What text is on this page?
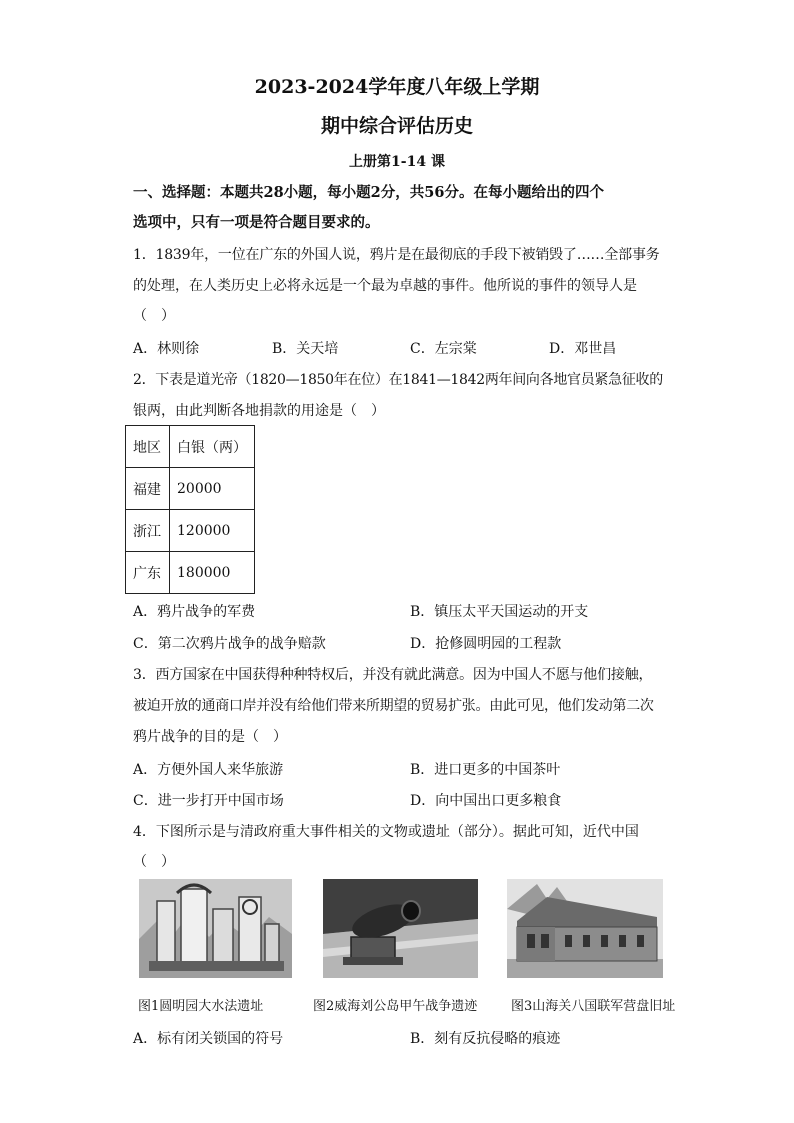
2023-2024学年度八年级上学期
期中综合评估历史
上册第1-14 课
一、选择题：本题共28小题，每小题2分，共56分。在每小题给出的四个
选项中，只有一项是符合题目要求的。
1．1839年，一位在广东的外国人说，鸦片是在最彻底的手段下被销毁了……全部事务
的处理，在人类历史上必将永远是一个最为卓越的事件。他所说的事件的领导人是
（　）
A．林则徐	B．关天培	C．左宗棠	D．邓世昌
2．下表是道光帝（1820—1850年在位）在1841—1842两年间向各地官员紧急征收的
银两，由此判断各地捐款的用途是（　）
地区	白银（两）
福建	20000
浙江	120000
广东	180000
A．鸦片战争的军费	B．镇压太平天国运动的开支
C．第二次鸦片战争的战争赔款	D．抢修圆明园的工程款
3．西方国家在中国获得种种特权后，并没有就此满意。因为中国人不愿与他们接触，
被迫开放的通商口岸并没有给他们带来所期望的贸易扩张。由此可见，他们发动第二次
鸦片战争的目的是（　）
A．方便外国人来华旅游	B．进口更多的中国茶叶
C．进一步打开中国市场	D．向中国出口更多粮食
4．下图所示是与清政府重大事件相关的文物或遗址（部分）。据此可知，近代中国
（　）
图1圆明园大水法遗址	图2威海刘公岛甲午战争遗迹	图3山海关八国联军营盘旧址
A．标有闭关锁国的符号	B．刻有反抗侵略的痕迹
